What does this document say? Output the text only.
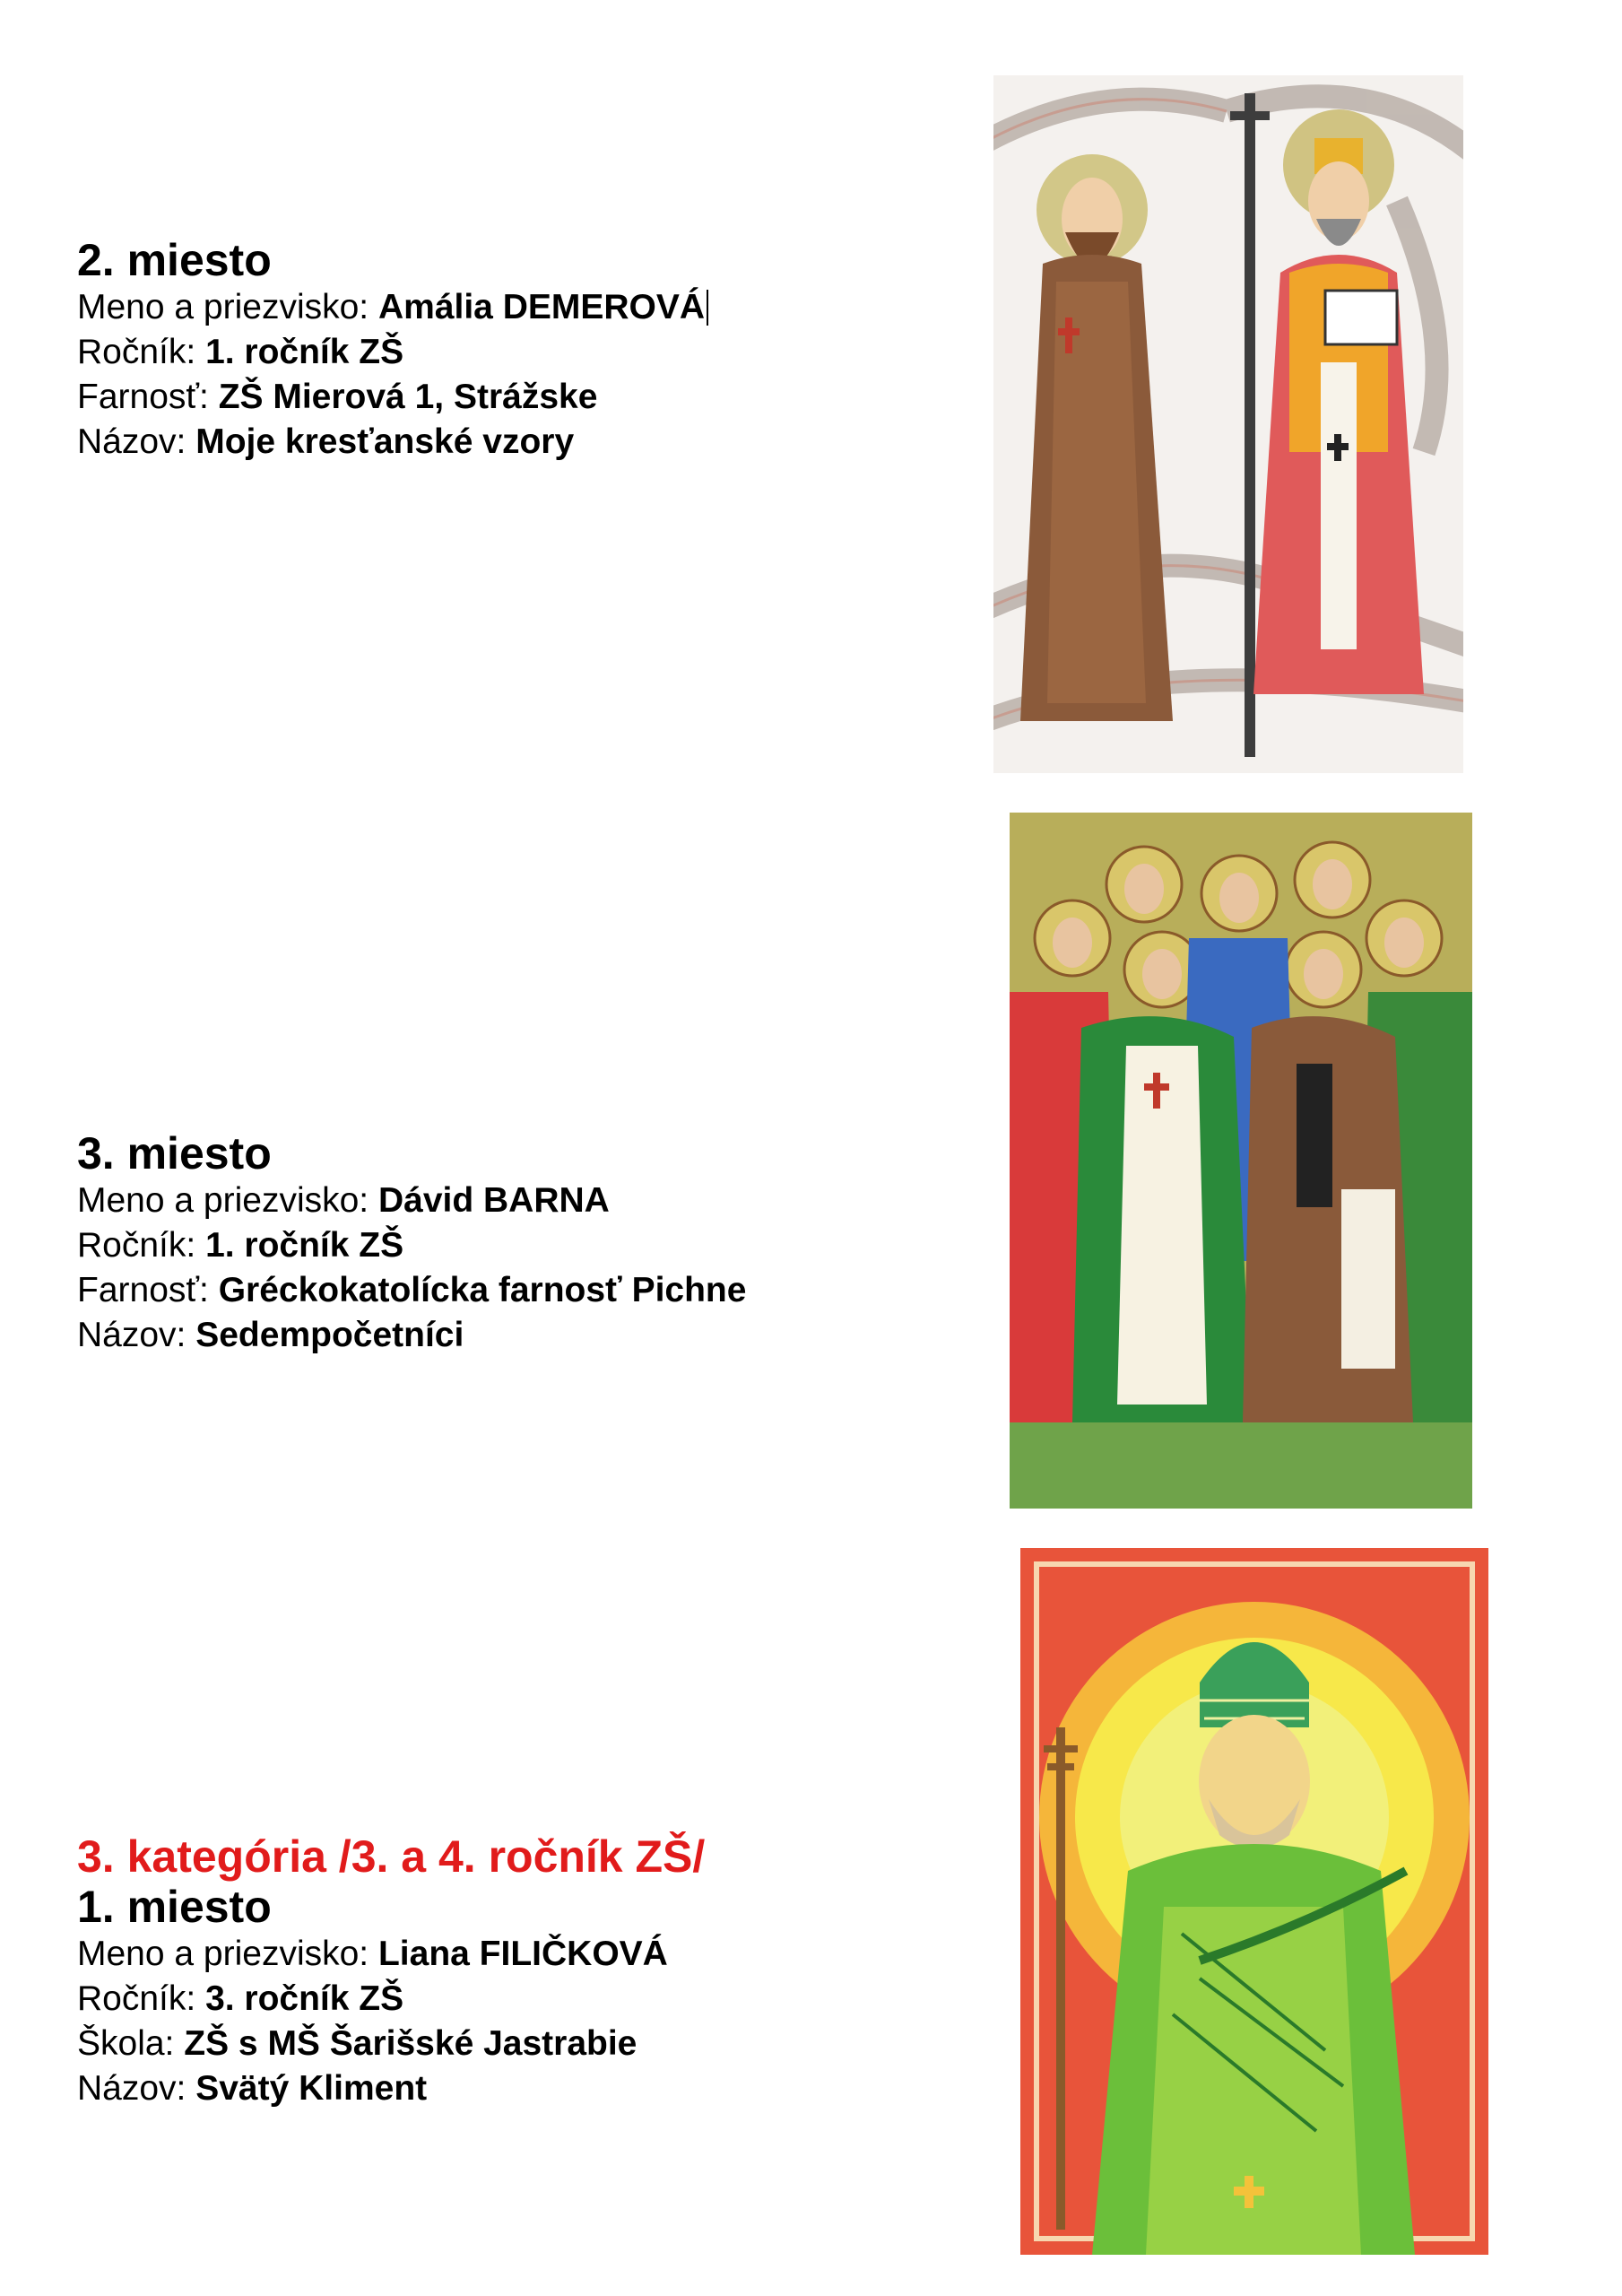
2. miesto
Meno a priezvisko: Amália DEMEROVÁ
Ročník: 1. ročník ZŠ
Farnosť: ZŠ Mierová 1, Strážske
Názov: Moje kresťanské vzory
3. miesto
Meno a priezvisko: Dávid BARNA
Ročník: 1. ročník ZŠ
Farnosť: Gréckokatolícka farnosť Pichne
Názov: Sedempočetníci
3. kategória /3. a 4. ročník ZŠ/
1. miesto
Meno a priezvisko: Liana FILIČKOVÁ
Ročník: 3. ročník ZŠ
Škola: ZŠ s MŠ Šarišské Jastrabie
Názov: Svätý Kliment
